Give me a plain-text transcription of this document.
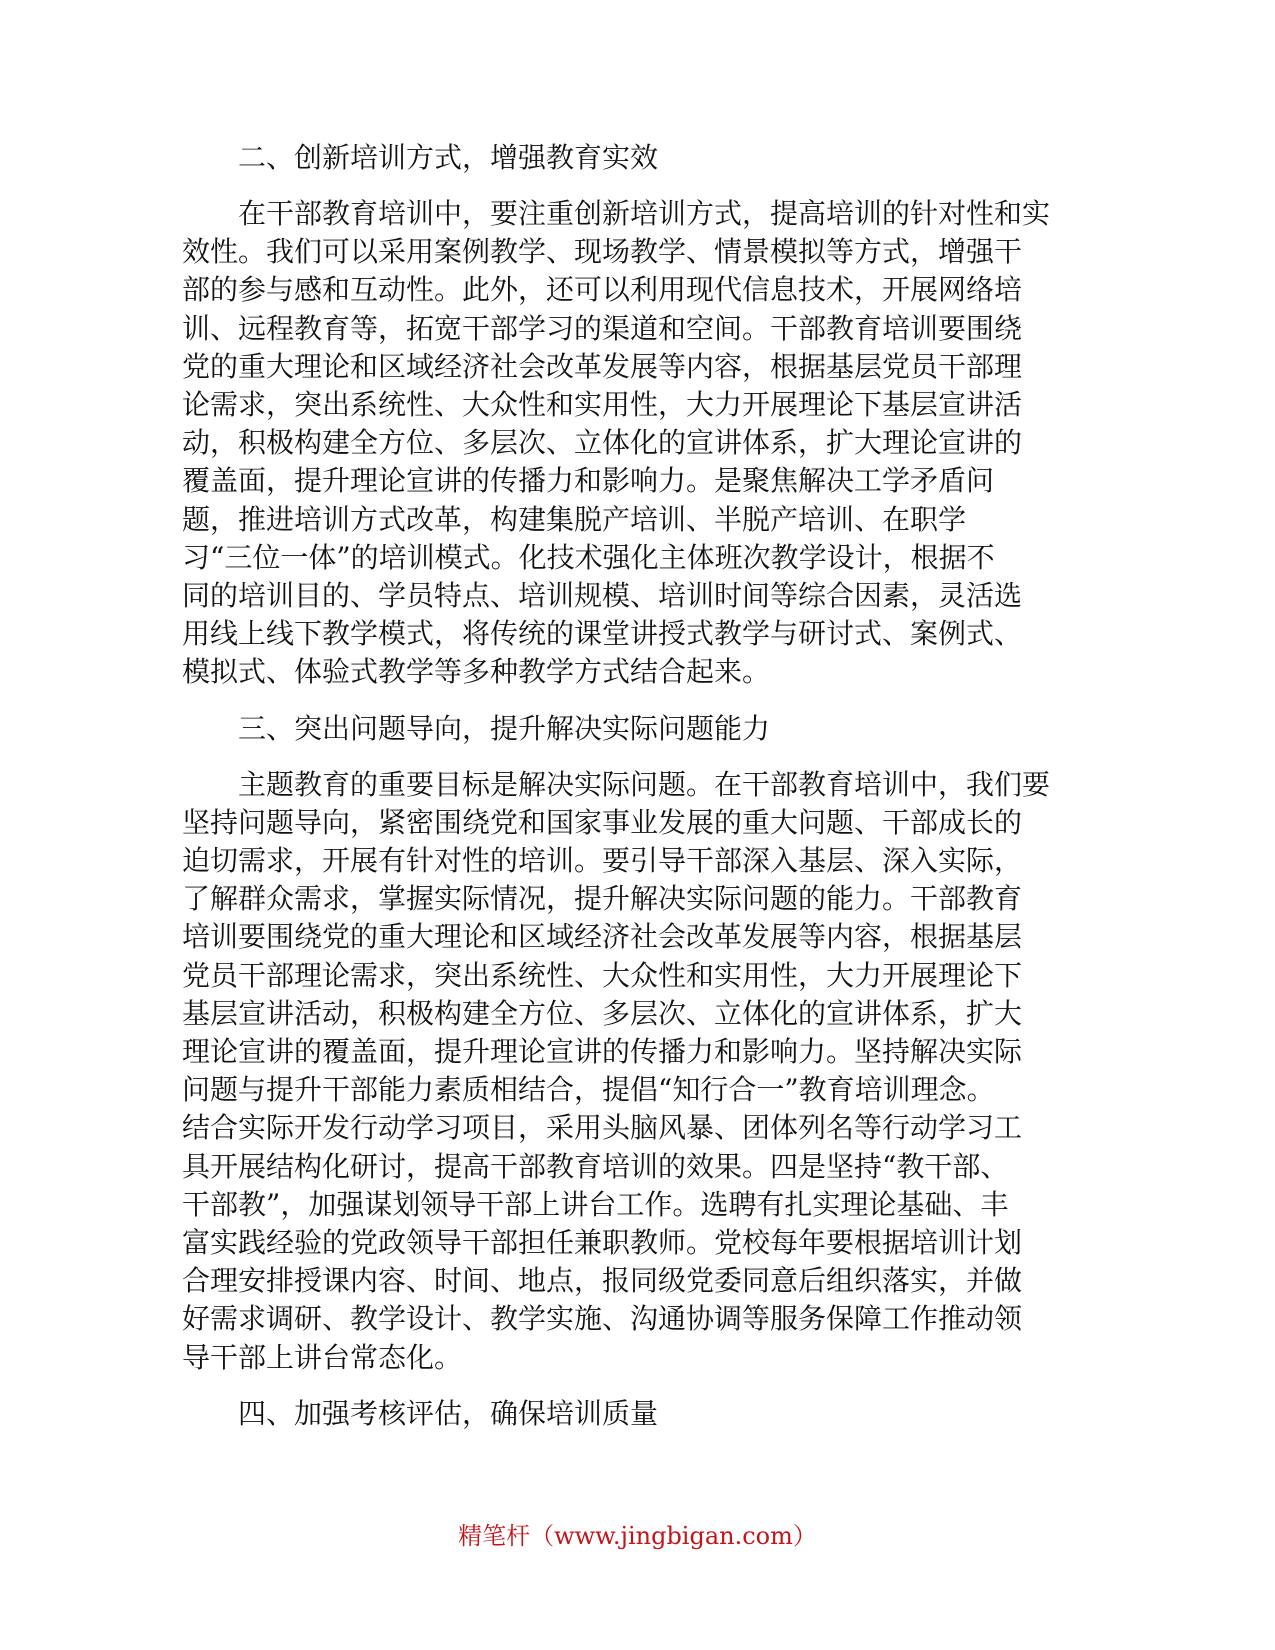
二、创新培训方式，增强教育实效
在干部教育培训中，要注重创新培训方式，提高培训的针对性和实
效性。我们可以采用案例教学、现场教学、情景模拟等方式，增强干
部的参与感和互动性。此外，还可以利用现代信息技术，开展网络培
训、远程教育等，拓宽干部学习的渠道和空间。干部教育培训要围绕
党的重大理论和区域经济社会改革发展等内容，根据基层党员干部理
论需求，突出系统性、大众性和实用性，大力开展理论下基层宣讲活
动，积极构建全方位、多层次、立体化的宣讲体系，扩大理论宣讲的
覆盖面，提升理论宣讲的传播力和影响力。是聚焦解决工学矛盾问
题，推进培训方式改革，构建集脱产培训、半脱产培训、在职学
习“三位一体”的培训模式。化技术强化主体班次教学设计，根据不
同的培训目的、学员特点、培训规模、培训时间等综合因素，灵活选
用线上线下教学模式，将传统的课堂讲授式教学与研讨式、案例式、
模拟式、体验式教学等多种教学方式结合起来。
三、突出问题导向，提升解决实际问题能力
主题教育的重要目标是解决实际问题。在干部教育培训中，我们要
坚持问题导向，紧密围绕党和国家事业发展的重大问题、干部成长的
迫切需求，开展有针对性的培训。要引导干部深入基层、深入实际，
了解群众需求，掌握实际情况，提升解决实际问题的能力。干部教育
培训要围绕党的重大理论和区域经济社会改革发展等内容，根据基层
党员干部理论需求，突出系统性、大众性和实用性，大力开展理论下
基层宣讲活动，积极构建全方位、多层次、立体化的宣讲体系，扩大
理论宣讲的覆盖面，提升理论宣讲的传播力和影响力。坚持解决实际
问题与提升干部能力素质相结合，提倡“知行合一”教育培训理念。
结合实际开发行动学习项目，采用头脑风暴、团体列名等行动学习工
具开展结构化研讨，提高干部教育培训的效果。四是坚持“教干部、
干部教”，加强谋划领导干部上讲台工作。选聘有扎实理论基础、丰
富实践经验的党政领导干部担任兼职教师。党校每年要根据培训计划
合理安排授课内容、时间、地点，报同级党委同意后组织落实，并做
好需求调研、教学设计、教学实施、沟通协调等服务保障工作推动领
导干部上讲台常态化。
四、加强考核评估，确保培训质量
精笔杆（www.jingbigan.com）
